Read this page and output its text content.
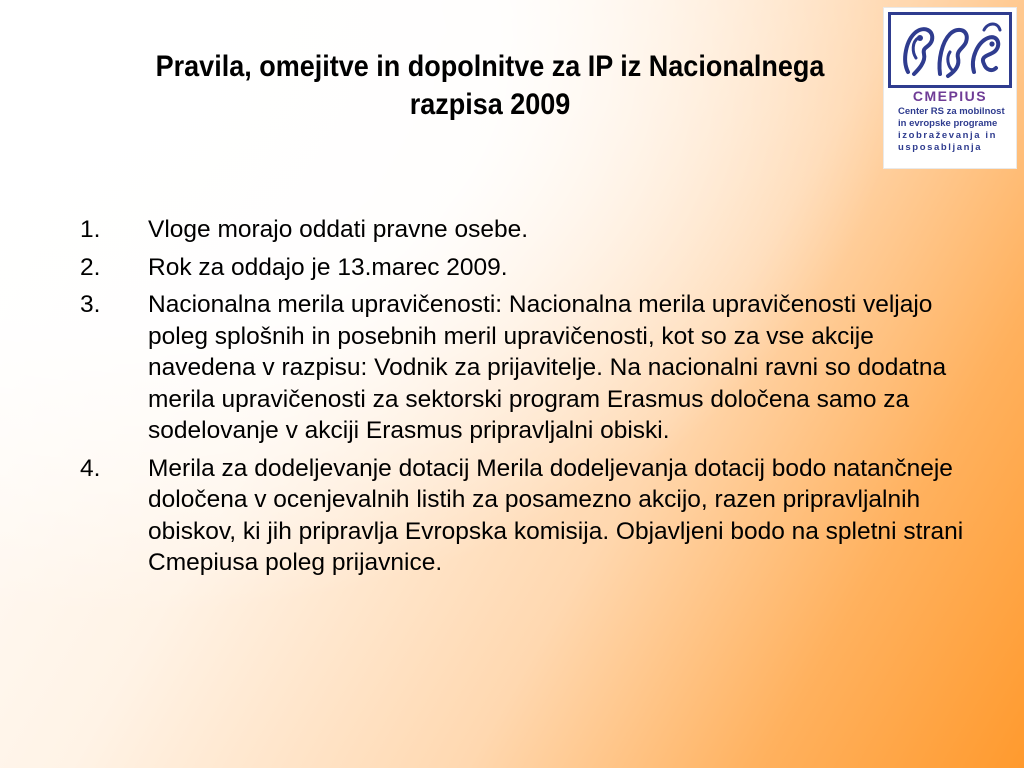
Pravila, omejitve in dopolnitve za IP iz Nacionalnega razpisa 2009	CMEPIUS
Center RS za mobilnost
in evropske programe
izobraževanja in
usposabljanja
1.	Vloge morajo oddati pravne osebe.
2.	Rok za oddajo je 13.marec 2009.
3.	Nacionalna merila upravičenosti: Nacionalna merila upravičenosti veljajo poleg splošnih in posebnih meril upravičenosti, kot so za vse akcije navedena v razpisu: Vodnik za prijavitelje. Na nacionalni ravni so dodatna merila upravičenosti za sektorski program Erasmus določena samo za sodelovanje v akciji Erasmus pripravljalni obiski.
4.	Merila za dodeljevanje dotacij Merila dodeljevanja dotacij bodo natančneje določena v ocenjevalnih listih za posamezno akcijo, razen pripravljalnih obiskov, ki jih pripravlja Evropska komisija. Objavljeni bodo na spletni strani Cmepiusa poleg prijavnice.
